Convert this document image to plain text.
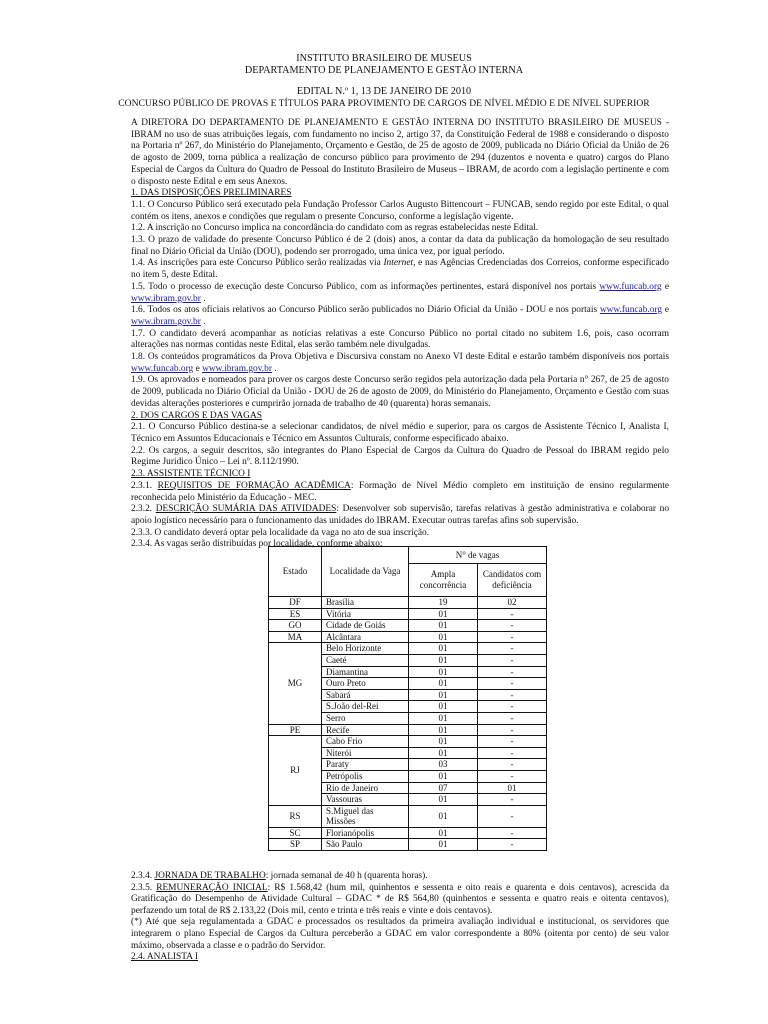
INSTITUTO BRASILEIRO DE MUSEUS
DEPARTAMENTO DE PLANEJAMENTO E GESTÃO INTERNA
EDITAL N.º 1, 13 DE JANEIRO DE 2010
CONCURSO PÚBLICO DE PROVAS E TÍTULOS PARA PROVIMENTO DE CARGOS DE NÍVEL MÉDIO E DE NÍVEL SUPERIOR

A DIRETORA DO DEPARTAMENTO DE PLANEJAMENTO E GESTÃO INTERNA DO INSTITUTO BRASILEIRO DE MUSEUS - IBRAM no uso de suas atribuições legais, com fundamento no inciso 2, artigo 37, da Constituição Federal de 1988 e considerando o disposto na Portaria nº 267, do Ministério do Planejamento, Orçamento e Gestão, de 25 de agosto de 2009, publicada no Diário Oficial da União de 26 de agosto de 2009, torna pública a realização de concurso público para provimento de 294 (duzentos e noventa e quatro) cargos do Plano Especial de Cargos da Cultura do Quadro de Pessoal do Instituto Brasileiro de Museus – IBRAM, de acordo com a legislação pertinente e com o disposto neste Edital e em seus Anexos.

1. DAS DISPOSIÇÕES PRELIMINARES

1.1. O Concurso Público será executado pela Fundação Professor Carlos Augusto Bittencourt – FUNCAB, sendo regido por este Edital, o qual contém os itens, anexos e condições que regulam o presente Concurso, conforme a legislação vigente.

1.2. A inscrição no Concurso implica na concordância do candidato com as regras estabelecidas neste Edital.

1.3. O prazo de validade do presente Concurso Público é de 2 (dois) anos, a contar da data da publicação da homologação de seu resultado final no Diário Oficial da União (DOU), podendo ser prorrogado, uma única vez, por igual período.

1.4. As inscrições para este Concurso Público serão realizadas via Internet, e nas Agências Credenciadas dos Correios, conforme especificado no item 5, deste Edital.

1.5. Todo o processo de execução deste Concurso Público, com as informações pertinentes, estará disponível nos portais www.funcab.org e www.ibram.gov.br .

1.6. Todos os atos oficiais relativos ao Concurso Público serão publicados no Diário Oficial da União - DOU e nos portais www.funcab.org e www.ibram.gov.br .

1.7. O candidato deverá acompanhar as notícias relativas a este Concurso Público no portal citado no subitem 1.6, pois, caso ocorram alterações nas normas contidas neste Edital, elas serão também nele divulgadas.

1.8. Os conteúdos programáticos da Prova Objetiva e Discursiva constam no Anexo VI deste Edital e estarão também disponíveis nos portais www.funcab.org e www.ibram.gov.br .

1.9. Os aprovados e nomeados para prover os cargos deste Concurso serão regidos pela autorização dada pela Portaria n° 267, de 25 de agosto de 2009, publicada no Diário Oficial da União - DOU de 26 de agosto de 2009, do Ministério do Planejamento, Orçamento e Gestão com suas devidas alterações posteriores e cumprirão jornada de trabalho de 40 (quarenta) horas semanais.

2. DOS CARGOS E DAS VAGAS

2.1. O Concurso Público destina-se a selecionar candidatos, de nível médio e superior, para os cargos de Assistente Técnico I, Analista I, Técnico em Assuntos Educacionais e Técnico em Assuntos Culturais, conforme especificado abaixo.

2.2. Os cargos, a seguir descritos, são integrantes do Plano Especial de Cargos da Cultura do Quadro de Pessoal do IBRAM regido pelo Regime Jurídico Único – Lei nº. 8.112/1990.

2.3. ASSISTENTE TÉCNICO I

2.3.1. REQUISITOS DE FORMAÇÃO ACADÊMICA: Formação de Nível Médio completo em instituição de ensino regularmente reconhecida pelo Ministério da Educação - MEC.

2.3.2. DESCRIÇÃO SUMÁRIA DAS ATIVIDADES: Desenvolver sob supervisão, tarefas relativas à gestão administrativa e colaborar no apoio logístico necessário para o funcionamento das unidades do IBRAM. Executar outras tarefas afins sob supervisão.

2.3.3. O candidato deverá optar pela localidade da vaga no ato de sua inscrição.

2.3.4. As vagas serão distribuídas por localidade, conforme abaixo:

Estado	Localidade da Vaga	N° de vagas	
		Ampla concorrência	Candidatos com deficiência
DF	Brasília	19	02
ES	Vitória	01	-
GO	Cidade de Goiás	01	-
MA	Alcântara	01	-
MG	Belo Horizonte	01	-
	Caeté	01	-
	Diamantina	01	-
	Ouro Preto	01	-
	Sabará	01	-
	S.João del-Rei	01	-
	Serro	01	-
PE	Recife	01	-
RJ	Cabo Frio	01	-
	Niterói	01	-
	Paraty	03	-
	Petrópolis	01	-
	Rio de Janeiro	07	01
	Vassouras	01	-
RS	S.Miguel das Missões	01	-
SC	Florianópolis	01	-
SP	São Paulo	01	-

2.3.4. JORNADA DE TRABALHO: jornada semanal de 40 h (quarenta horas).

2.3.5. REMUNERAÇÃO INICIAL: R$ 1.568,42 (hum mil, quinhentos e sessenta e oito reais e quarenta e dois centavos), acrescida da Gratificação do Desempenho de Atividade Cultural – GDAC * de R$ 564,80 (quinhentos e sessenta e quatro reais e oitenta centavos), perfazendo um total de R$ 2.133,22 (Dois mil, cento e trinta e três reais e vinte e dois centavos).

(*) Até que seja regulamentada a GDAC e processados os resultados da primeira avaliação individual e institucional, os servidores que integrarem o plano Especial de Cargos da Cultura perceberão a GDAC em valor correspondente a 80% (oitenta por cento) de seu valor máximo, observada a classe e o padrão do Servidor.

2.4. ANALISTA I
